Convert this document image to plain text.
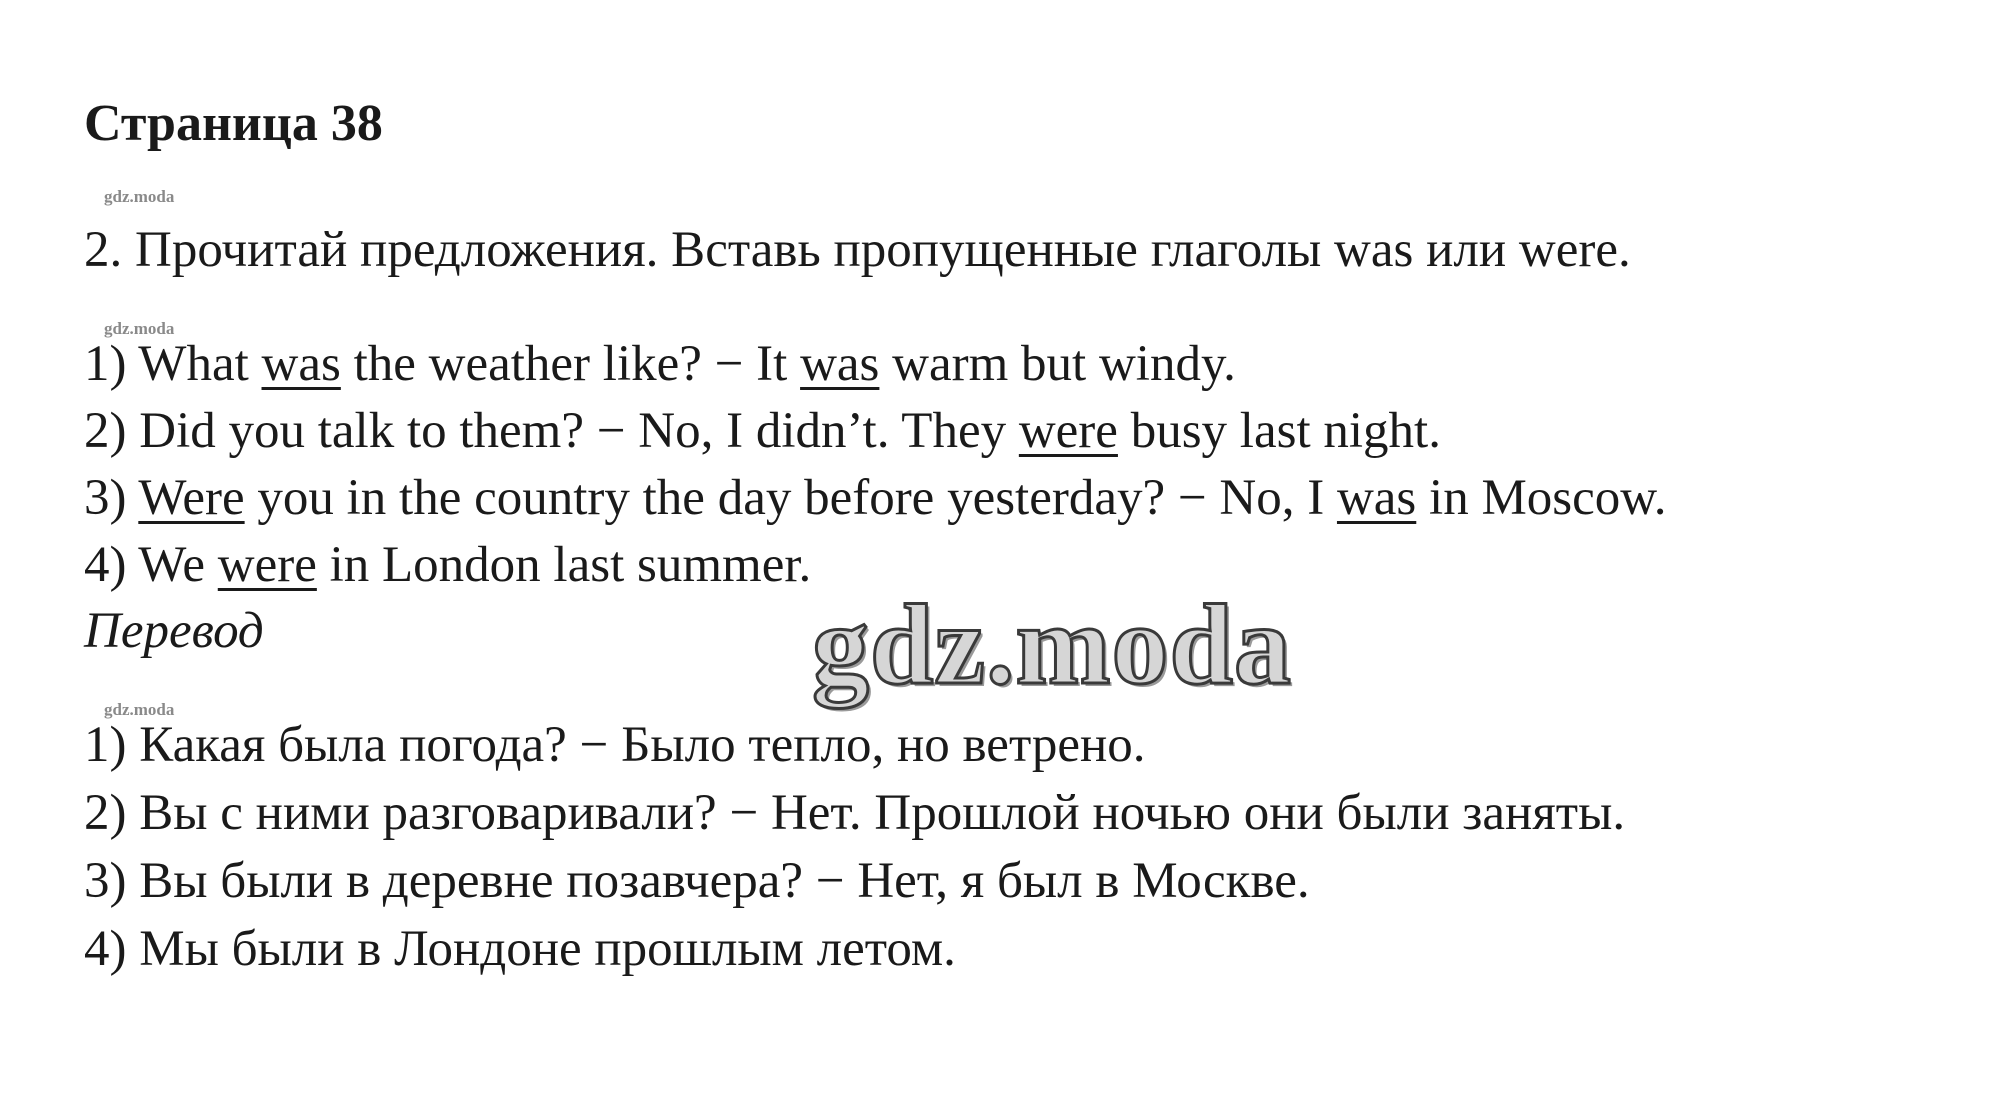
Страница 38
gdz.moda
2. Прочитай предложения. Вставь пропущенные глаголы was или were.
gdz.moda
1) What was the weather like? − It was warm but windy.
2) Did you talk to them? − No, I didn’t. They were busy last night.
3) Were you in the country the day before yesterday? − No, I was in Moscow.
4) We were in London last summer.
Перевод	gdz.moda
gdz.moda
1) Какая была погода? − Было тепло, но ветрено.
2) Вы с ними разговаривали? − Нет. Прошлой ночью они были заняты.
3) Вы были в деревне позавчера? − Нет, я был в Москве.
4) Мы были в Лондоне прошлым летом.
